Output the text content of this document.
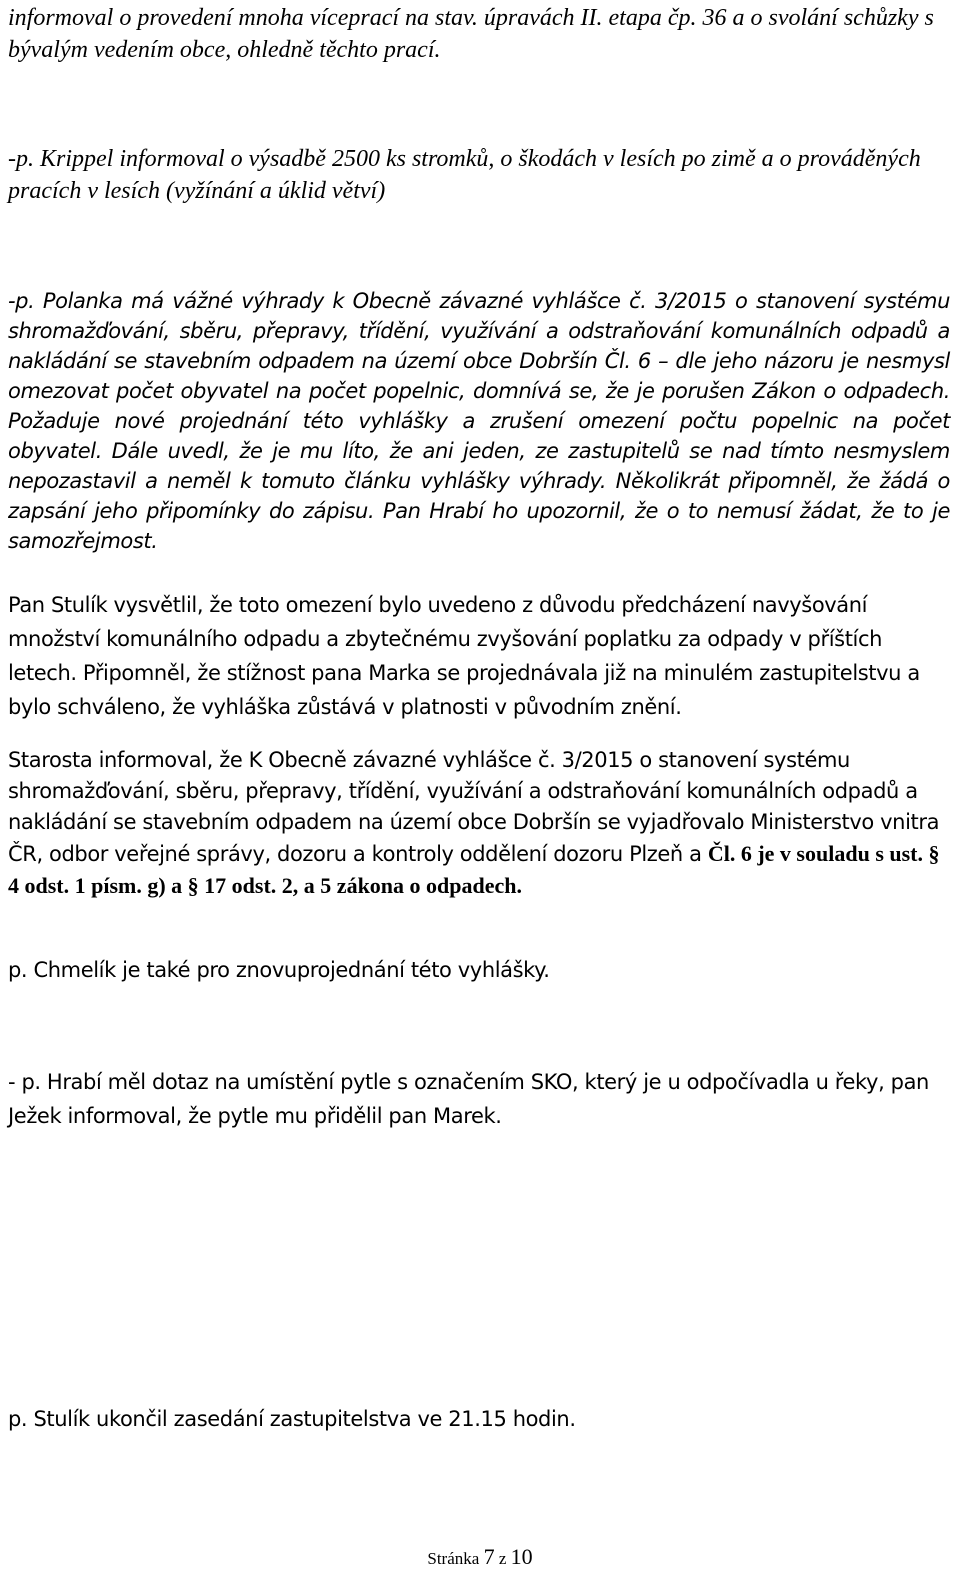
informoval o provedení mnoha víceprací na stav. úpravách II. etapa čp. 36 a o svolání schůzky s bývalým vedením obce, ohledně těchto prací.
-p. Krippel informoval o výsadbě 2500 ks stromků, o škodách v lesích po zimě a o prováděných pracích v lesích (vyžínání a úklid větví)
-p. Polanka má vážné výhrady k Obecně závazné vyhlášce č. 3/2015 o stanovení systému shromažďování, sběru, přepravy, třídění, využívání a odstraňování komunálních odpadů a nakládání se stavebním odpadem na území obce Dobršín Čl. 6 – dle jeho názoru je nesmysl omezovat počet obyvatel na počet popelnic, domnívá se, že je porušen Zákon o odpadech. Požaduje nové projednání této vyhlášky a zrušení omezení počtu popelnic na počet obyvatel. Dále uvedl, že je mu líto, že ani jeden, ze zastupitelů se nad tímto nesmyslem nepozastavil a neměl k tomuto článku vyhlášky výhrady. Několikrát připomněl, že žádá o zapsání jeho připomínky do zápisu. Pan Hrabí ho upozornil, že o to nemusí žádat, že to je samozřejmost.
Pan Stulík vysvětlil, že toto omezení bylo uvedeno z důvodu předcházení navyšování množství komunálního odpadu a zbytečnému zvyšování poplatku za odpady v příštích letech. Připomněl, že stížnost pana Marka se projednávala již na minulém zastupitelstvu a bylo schváleno, že vyhláška zůstává v platnosti v původním znění.
Starosta informoval, že K Obecně závazné vyhlášce č. 3/2015 o stanovení systému shromažďování, sběru, přepravy, třídění, využívání a odstraňování komunálních odpadů a nakládání se stavebním odpadem na území obce Dobršín se vyjadřovalo Ministerstvo vnitra ČR, odbor veřejné správy, dozoru a kontroly oddělení dozoru Plzeň a Čl. 6 je v souladu s ust. § 4 odst. 1 písm. g) a § 17 odst. 2, a 5 zákona o odpadech.
p. Chmelík je také pro znovuprojednání této vyhlášky.
- p. Hrabí měl dotaz na umístění pytle s označením SKO, který je u odpočívadla u řeky, pan Ježek informoval, že pytle mu přidělil pan Marek.
p. Stulík ukončil zasedání zastupitelstva ve 21.15 hodin.
Stránka 7 z 10
